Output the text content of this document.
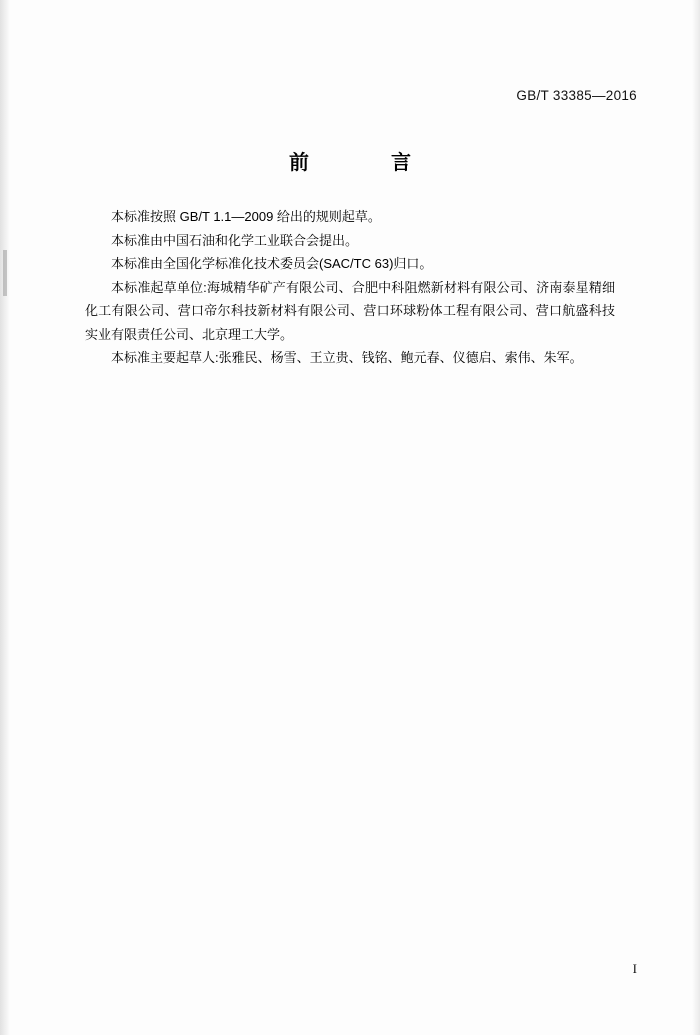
GB/T 33385—2016
前　　言

本标准按照 GB/T 1.1—2009 给出的规则起草。

本标准由中国石油和化学工业联合会提出。

本标准由全国化学标准化技术委员会(SAC/TC 63)归口。

本标准起草单位:海城精华矿产有限公司、合肥中科阻燃新材料有限公司、济南泰星精细化工有限公司、营口帝尔科技新材料有限公司、营口环球粉体工程有限公司、营口航盛科技实业有限责任公司、北京理工大学。

本标准主要起草人:张雅民、杨雪、王立贵、钱铭、鲍元春、仪德启、索伟、朱军。

I
